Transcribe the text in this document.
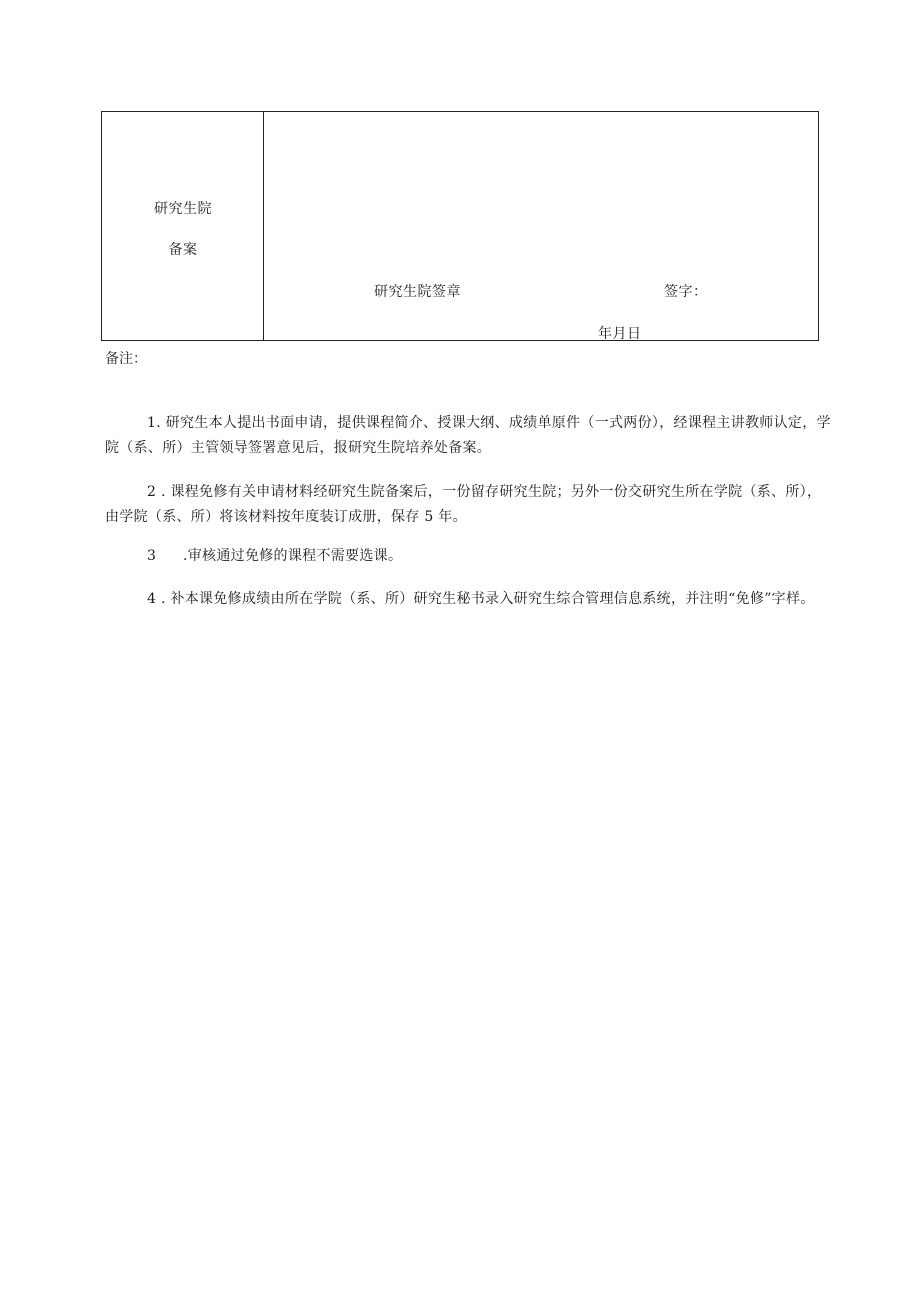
研究生院
备案
研究生院签章	签字：
年月日
备注：
1. 研究生本人提出书面申请，提供课程简介、授课大纲、成绩单原件（一式两份），经课程主讲教师认定，学院（系、所）主管领导签署意见后，报研究生院培养处备案。
2 . 课程免修有关申请材料经研究生院备案后，一份留存研究生院；另外一份交研究生所在学院（系、所），由学院（系、所）将该材料按年度装订成册，保存 5 年。
3 .审核通过免修的课程不需要选课。
4 . 补本课免修成绩由所在学院（系、所）研究生秘书录入研究生综合管理信息系统，并注明“免修”字样。
